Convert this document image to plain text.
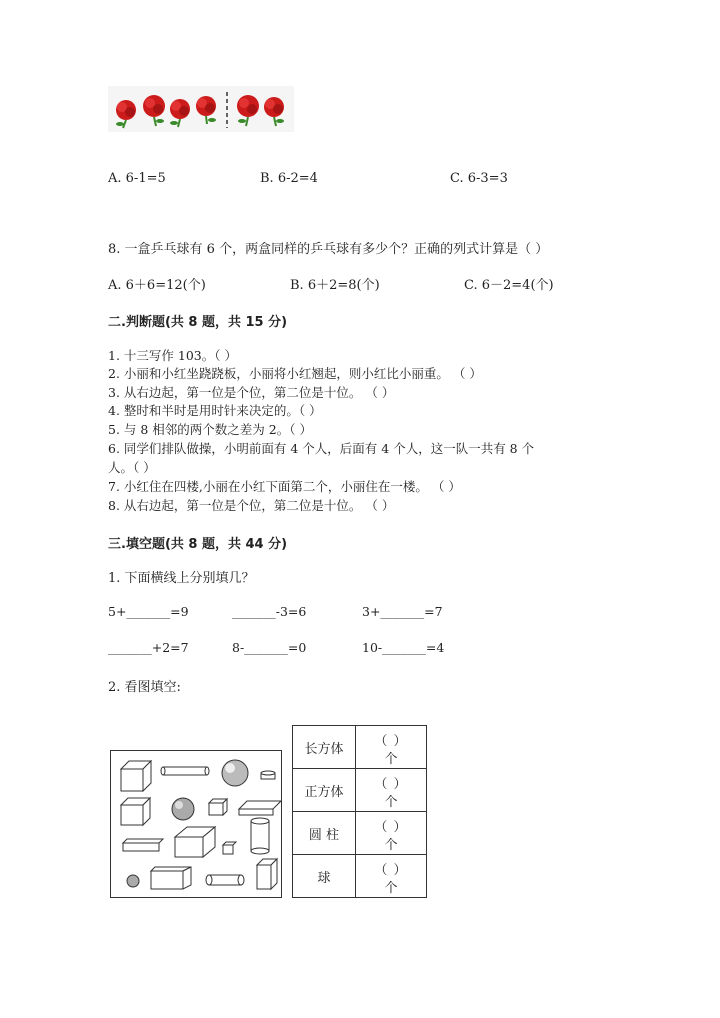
A. 6-1=5	B. 6-2=4	C. 6-3=3
8. 一盒乒乓球有 6 个，两盒同样的乒乓球有多少个？正确的列式计算是（ ）
A. 6＋6=12(个)	B. 6＋2=8(个)	C. 6－2=4(个)
二.判断题(共 8 题，共 15 分)
1. 十三写作 103。（ ）
2. 小丽和小红坐跷跷板，小丽将小红翘起，则小红比小丽重。 （ ）
3. 从右边起，第一位是个位，第二位是十位。 （ ）
4. 整时和半时是用时针来决定的。（ ）
5. 与 8 相邻的两个数之差为 2。（ ）
6. 同学们排队做操，小明前面有 4 个人，后面有 4 个人，这一队一共有 8 个
人。（ ）
7. 小红住在四楼,小丽在小红下面第二个，小丽住在一楼。 （ ）
8. 从右边起，第一位是个位，第二位是十位。 （ ）
三.填空题(共 8 题，共 44 分)
1. 下面横线上分别填几？
5+_______=9	_______-3=6	3+_______=7
_______+2=7	8-_______=0	10-_______=4
2. 看图填空:
长方体	（ ）
个

正方体	（ ）
个

圆 柱	（ ）
个

球	（ ）
个
